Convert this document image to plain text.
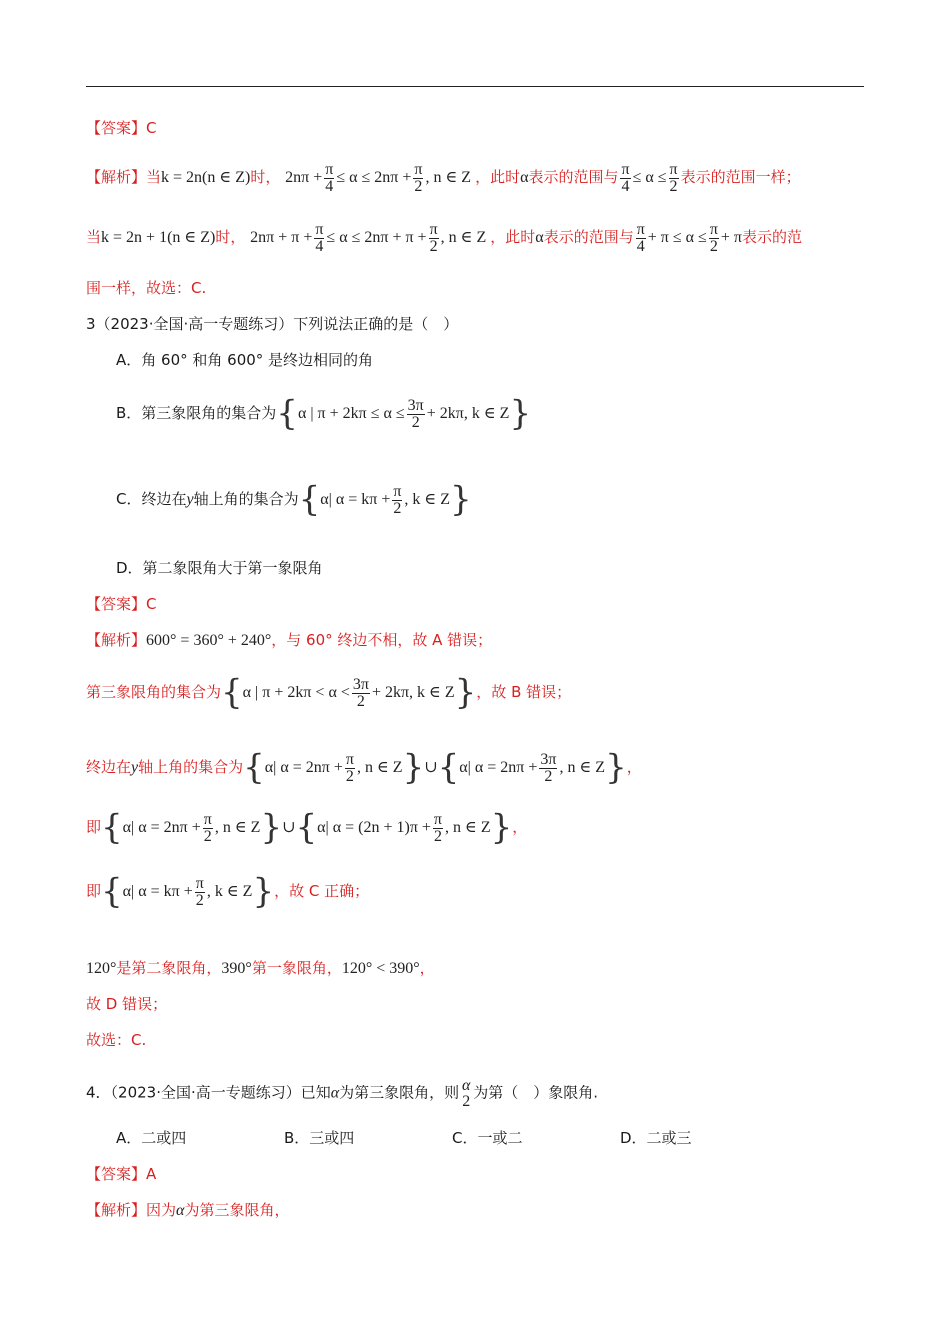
【答案】C
【解析】当k = 2n(n ∈ Z)时， $2n\pi + \frac{\pi}{4} \le \alpha \le 2n\pi + \frac{\pi}{2}$ , n ∈ Z ，此时α表示的范围与 $\frac{\pi}{4} \le \alpha \le \frac{\pi}{2}$ 表示的范围一样；
当k = 2n + 1(n ∈ Z)时， $2n\pi + \pi + \frac{\pi}{4} \le \alpha \le 2n\pi + \pi + \frac{\pi}{2}$ , n ∈ Z ，此时α表示的范围与 $\frac{\pi}{4} + \pi \le \alpha \le \frac{\pi}{2} + \pi$表示的范
围一样，故选：C.
3（2023·全国·高一专题练习）下列说法正确的是（　）
A．角 60° 和角 600° 是终边相同的角
B．第三象限角的集合为{α | $\pi + 2k\pi \le \alpha \le \frac{3\pi}{2} + 2k\pi$, k ∈ Z}
C．终边在y轴上角的集合为{α| $\alpha = k\pi + \frac{\pi}{2}$ , k ∈ Z}
D．第二象限角大于第一象限角
【答案】C
【解析】600° = 360° + 240°，与 60° 终边不相，故 A 错误；
第三象限角的集合为{α | $\pi + 2k\pi < \alpha < \frac{3\pi}{2} + 2k\pi$, k ∈ Z}，故 B 错误；
终边在y轴上角的集合为{α| $\alpha = 2n\pi + \frac{\pi}{2}$ , n ∈ Z}∪{α| $\alpha = 2n\pi + \frac{3\pi}{2}$ , n ∈ Z}，
即{α| $\alpha = 2n\pi + \frac{\pi}{2}$ , n ∈ Z}∪{α| $\alpha = (2n + 1)\pi + \frac{\pi}{2}$ , n ∈ Z}，
即{α| $\alpha = k\pi + \frac{\pi}{2}$ , k ∈ Z}，故 C 正确；
120°是第二象限角，390°第一象限角，120° < 390°，
故 D 错误；
故选：C.
4．（2023·全国·高一专题练习）已知α为第三象限角，则 α
2 为第（　）象限角.
A．二或四	B．三或四	C．一或二	D．二或三
【答案】A
【解析】因为α为第三象限角，
